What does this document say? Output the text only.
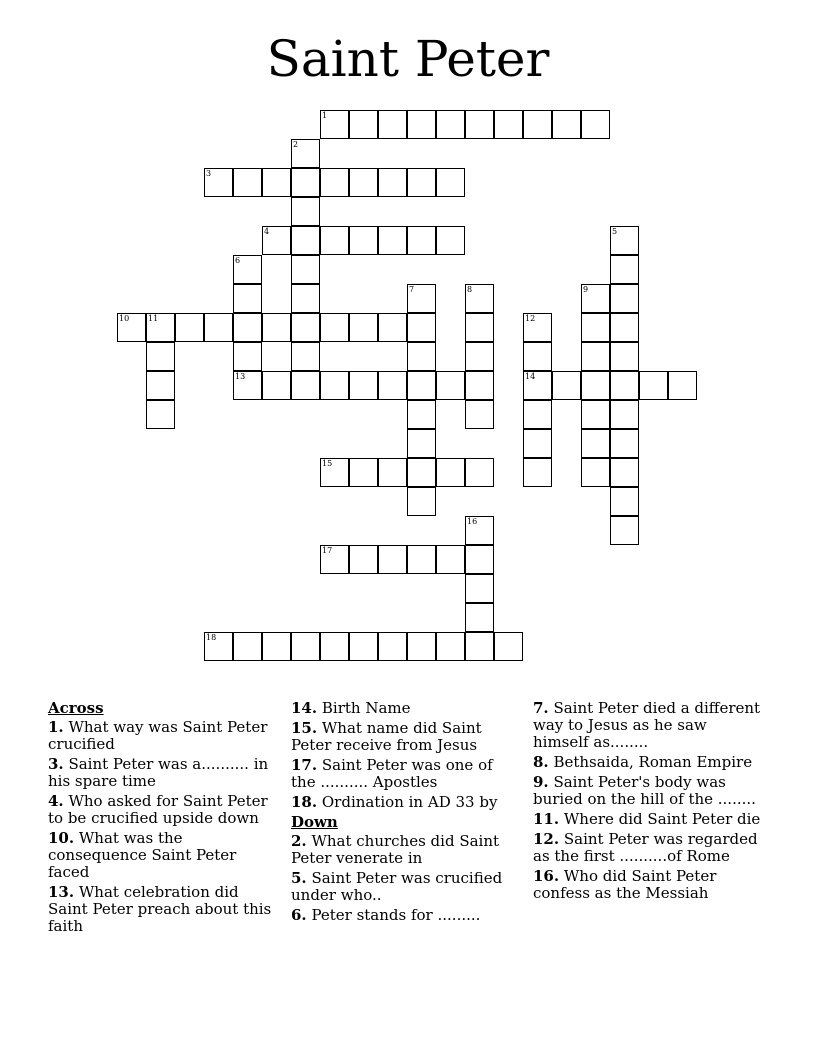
Saint Peter
1
2
3
4	5
6
7	8	9
10 11	12
14
13
15
16
17
18
Across
1. What way was Saint Peter crucified
3. Saint Peter was a.......... in his spare time
4. Who asked for Saint Peter to be crucified upside down
10. What was the consequence Saint Peter faced
13. What celebration did Saint Peter preach about this faith
14. Birth Name
15. What name did Saint Peter receive from Jesus
17. Saint Peter was one of the .......... Apostles
18. Ordination in AD 33 by
Down
2. What churches did Saint Peter venerate in
5. Saint Peter was crucified under who..
6. Peter stands for .........
7. Saint Peter died a different way to Jesus as he saw himself as........
8. Bethsaida, Roman Empire
9. Saint Peter's body was buried on the hill of the ........
11. Where did Saint Peter die
12. Saint Peter was regarded as the first ..........of Rome
16. Who did Saint Peter confess as the Messiah
